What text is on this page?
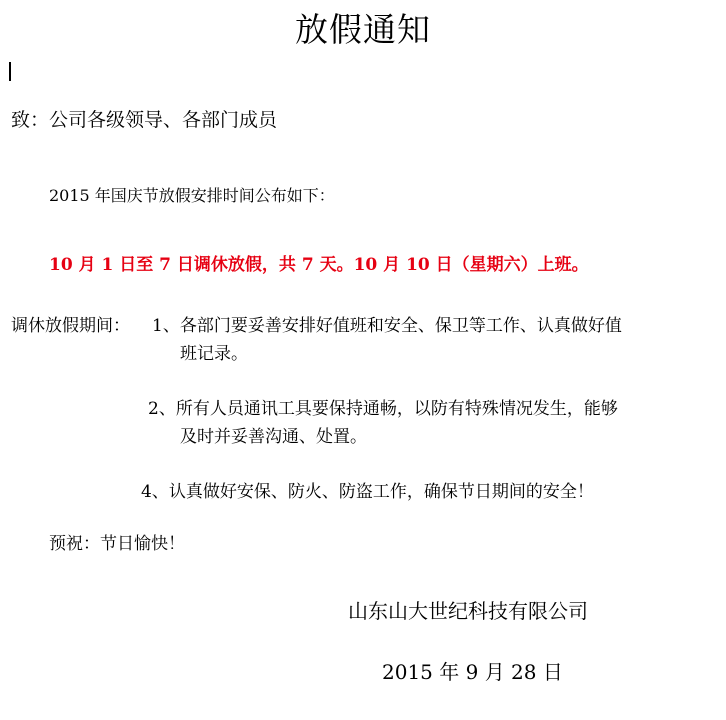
放假通知
致：公司各级领导、各部门成员
2015 年国庆节放假安排时间公布如下：
10 月 1 日至 7 日调休放假，共 7 天。10 月 10 日（星期六）上班。
调休放假期间： 1、各部门要妥善安排好值班和安全、保卫等工作、认真做好值
班记录。
2、所有人员通讯工具要保持通畅，以防有特殊情况发生，能够
及时并妥善沟通、处置。
4、认真做好安保、防火、防盗工作，确保节日期间的安全！
预祝：节日愉快！
山东山大世纪科技有限公司
2015 年 9 月 28 日
